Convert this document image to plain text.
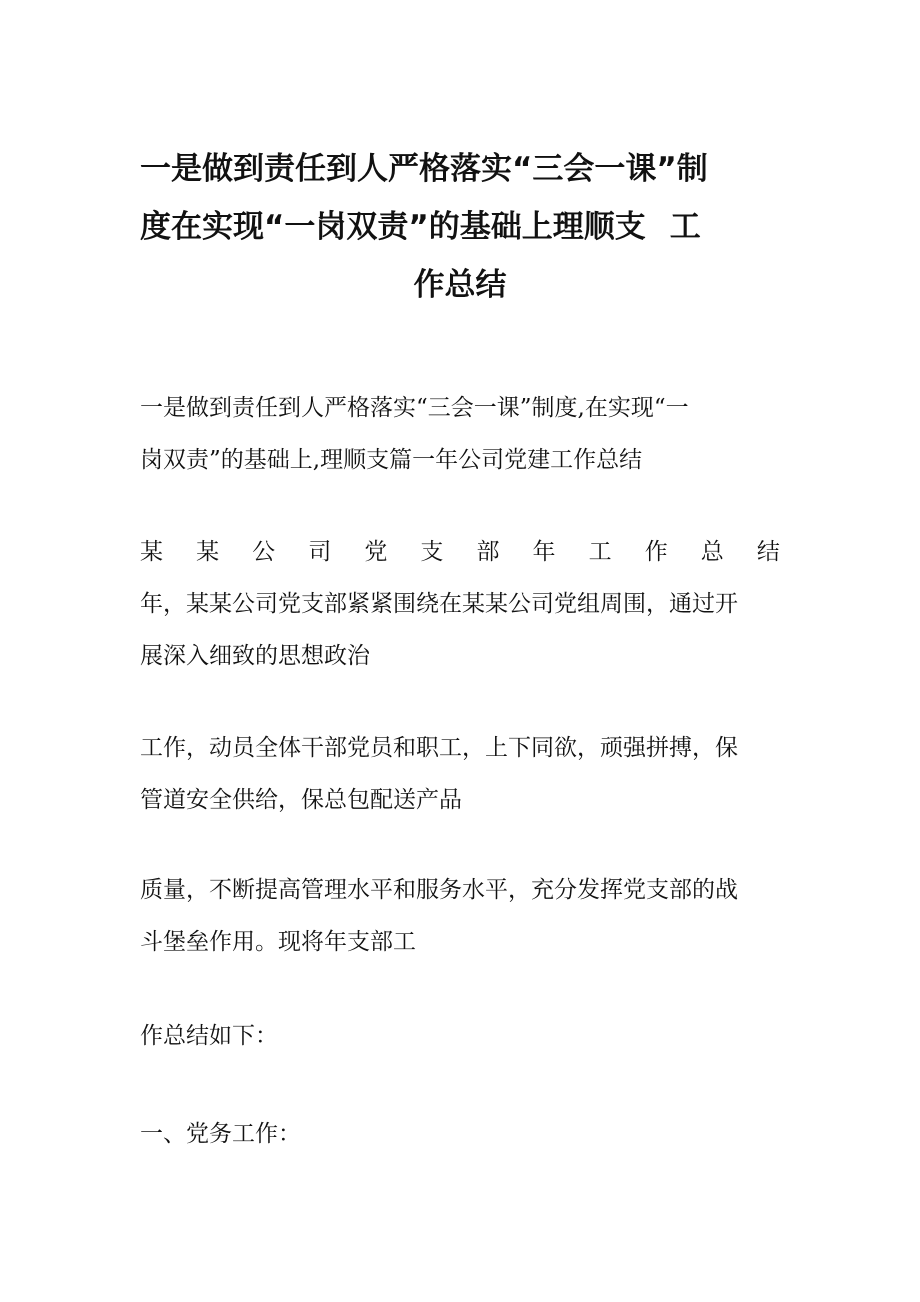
一是做到责任到人严格落实“三会一课”制
度在实现“一岗双责”的基础上理顺支 工
作总结

一是做到责任到人严格落实“三会一课”制度,在实现“一
岗双责”的基础上,理顺支篇一年公司党建工作总结

某 某 公 司 党 支 部 年 工 作 总 结
年，某某公司党支部紧紧围绕在某某公司党组周围，通过开
展深入细致的思想政治

工作，动员全体干部党员和职工，上下同欲，顽强拼搏，保
管道安全供给，保总包配送产品

质量，不断提高管理水平和服务水平，充分发挥党支部的战
斗堡垒作用。现将年支部工

作总结如下：

一、党务工作：
